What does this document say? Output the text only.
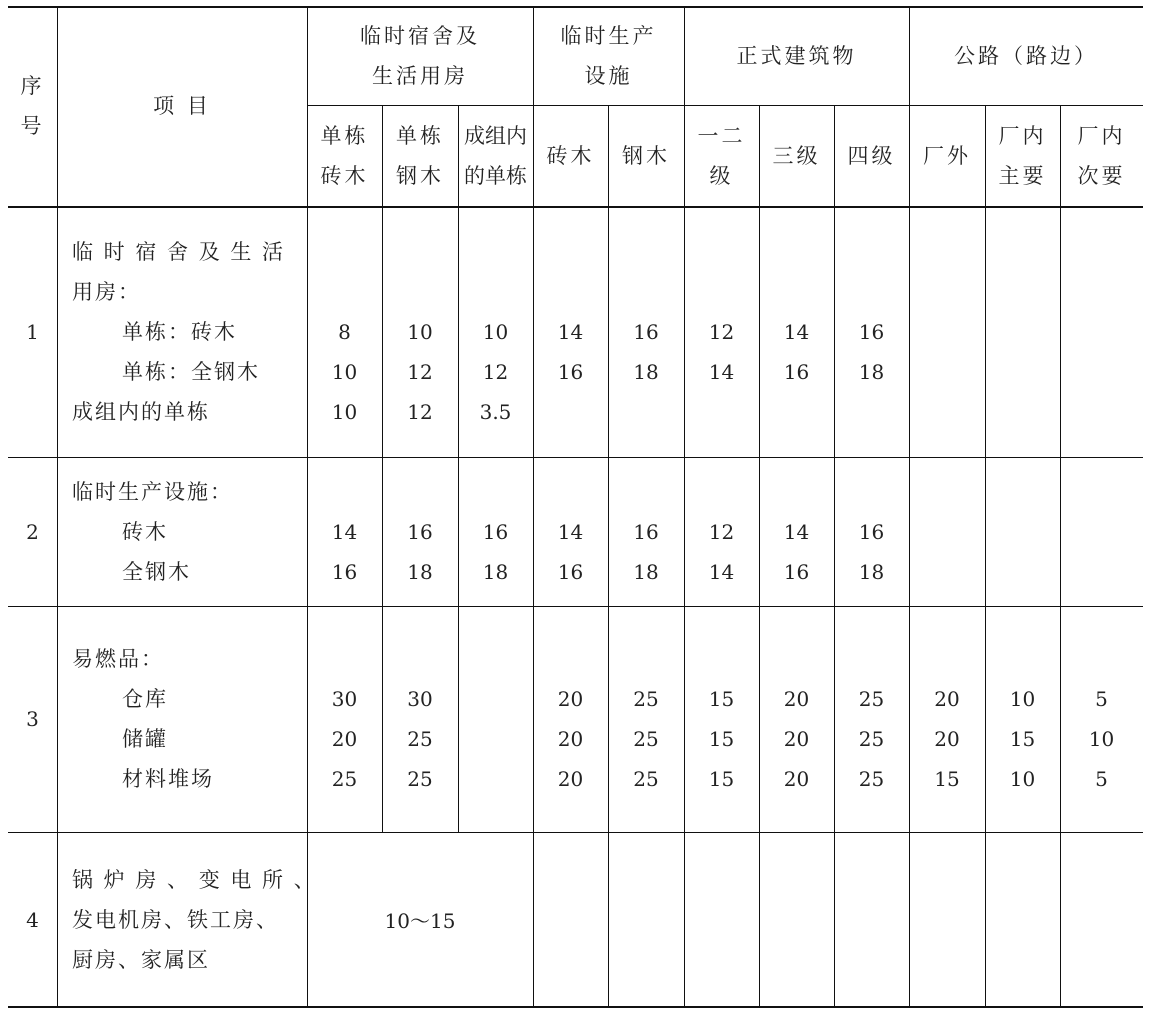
序
号
项 目
临时宿舍及
生活用房
临时生产
设施
正式建筑物	公路（路边）
单栋
砖木
单栋
钢木
成组内
的单栋
砖木 钢木
一二
级
三级 四级 厂外
厂内
主要
厂内
次要
1
临 时 宿 舍 及 生 活
用房：
单栋：砖木
单栋：全钢木
成组内的单栋
8
10
10
10
12
12
10
12
3.5
14
16
16
18
12
14
14
16
16
18
2
临时生产设施：
砖木
全钢木
14
16
16
18
16
18
14
16
16
18
12
14
14
16
16
18
3
易燃品：
仓库
储罐
材料堆场
30
20
25
30
25
25
20
20
20
25
25
25
15
15
15
20
20
20
25
25
25
20
20
15
10
15
10
5
10
5
4
锅 炉 房 、 变 电 所 、
发电机房、铁工房、
厨房、家属区
10～15
